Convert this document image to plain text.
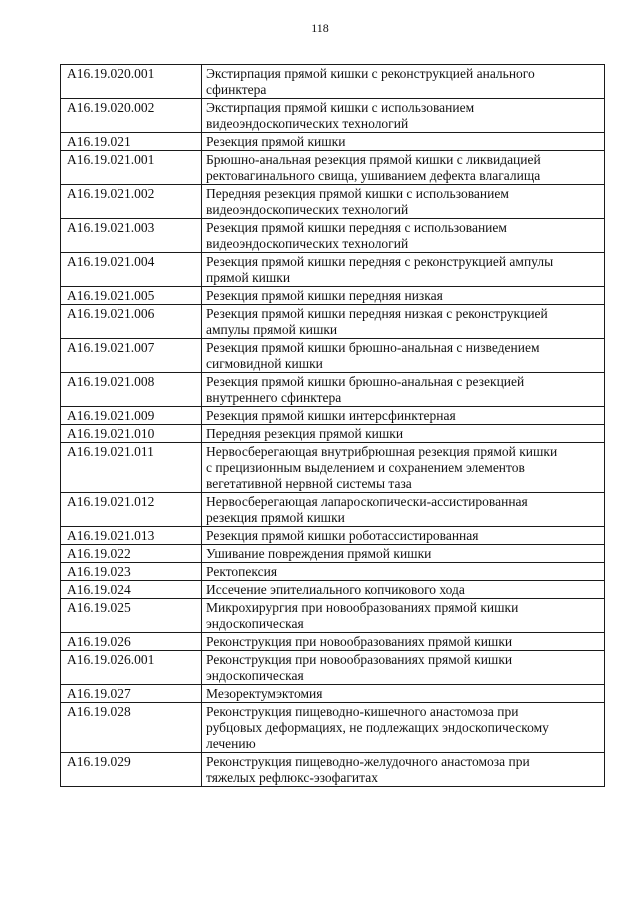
118
A16.19.020.001	Экстирпация прямой кишки с реконструкцией анального
сфинктера
A16.19.020.002	Экстирпация прямой кишки с использованием
видеоэндоскопических технологий
A16.19.021	Резекция прямой кишки
A16.19.021.001	Брюшно-анальная резекция прямой кишки с ликвидацией
ректовагинального свища, ушиванием дефекта влагалища
A16.19.021.002	Передняя резекция прямой кишки с использованием
видеоэндоскопических технологий
A16.19.021.003	Резекция прямой кишки передняя с использованием
видеоэндоскопических технологий
A16.19.021.004	Резекция прямой кишки передняя с реконструкцией ампулы
прямой кишки
A16.19.021.005	Резекция прямой кишки передняя низкая
A16.19.021.006	Резекция прямой кишки передняя низкая с реконструкцией
ампулы прямой кишки
A16.19.021.007	Резекция прямой кишки брюшно-анальная с низведением
сигмовидной кишки
A16.19.021.008	Резекция прямой кишки брюшно-анальная с резекцией
внутреннего сфинктера
A16.19.021.009	Резекция прямой кишки интерсфинктерная
A16.19.021.010	Передняя резекция прямой кишки
A16.19.021.011	Нервосберегающая внутрибрюшная резекция прямой кишки
с прецизионным выделением и сохранением элементов
вегетативной нервной системы таза
A16.19.021.012	Нервосберегающая лапароскопически-ассистированная
резекция прямой кишки
A16.19.021.013	Резекция прямой кишки роботассистированная
A16.19.022	Ушивание повреждения прямой кишки
A16.19.023	Ректопексия
A16.19.024	Иссечение эпителиального копчикового хода
A16.19.025	Микрохирургия при новообразованиях прямой кишки
эндоскопическая
A16.19.026	Реконструкция при новообразованиях прямой кишки
A16.19.026.001	Реконструкция при новообразованиях прямой кишки
эндоскопическая
A16.19.027	Мезоректумэктомия
A16.19.028	Реконструкция пищеводно-кишечного анастомоза при
рубцовых деформациях, не подлежащих эндоскопическому
лечению
A16.19.029	Реконструкция пищеводно-желудочного анастомоза при
тяжелых рефлюкс-эзофагитах
